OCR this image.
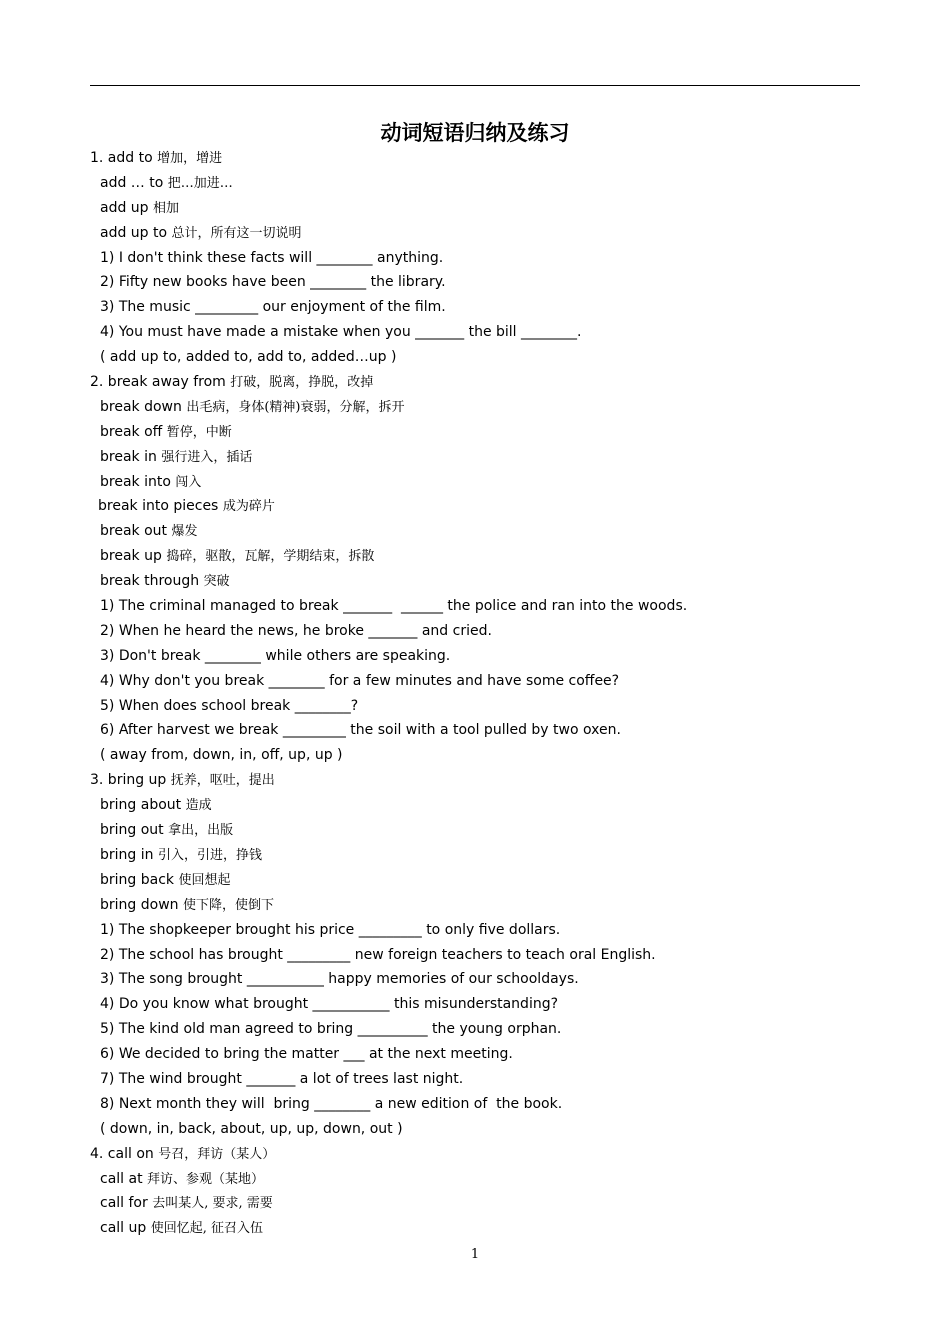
动词短语归纳及练习
1. add to 增加，增进
add … to 把…加进…
add up 相加
add up to 总计，所有这一切说明
1) I don't think these facts will ________ anything.
2) Fifty new books have been ________ the library.
3) The music _________ our enjoyment of the film.
4) You must have made a mistake when you _______ the bill ________.
( add up to, added to, add to, added…up )
2. break away from 打破，脱离，挣脱，改掉
break down 出毛病，身体(精神)衰弱，分解，拆开
break off 暂停，中断
break in 强行进入，插话
break into 闯入
break into pieces 成为碎片
break out 爆发
break up 捣碎，驱散，瓦解，学期结束，拆散
break through 突破
1) The criminal managed to break _______  ______ the police and ran into the woods.
2) When he heard the news, he broke _______ and cried.
3) Don't break ________ while others are speaking.
4) Why don't you break ________ for a few minutes and have some coffee?
5) When does school break ________?
6) After harvest we break _________ the soil with a tool pulled by two oxen.
( away from, down, in, off, up, up )
3. bring up 抚养，呕吐，提出
bring about 造成
bring out 拿出，出版
bring in 引入，引进，挣钱
bring back 使回想起
bring down 使下降，使倒下
1) The shopkeeper brought his price _________ to only five dollars.
2) The school has brought _________ new foreign teachers to teach oral English.
3) The song brought ___________ happy memories of our schooldays.
4) Do you know what brought ___________ this misunderstanding?
5) The kind old man agreed to bring __________ the young orphan.
6) We decided to bring the matter ___ at the next meeting.
7) The wind brought _______ a lot of trees last night.
8) Next month they will  bring ________ a new edition of  the book.
( down, in, back, about, up, up, down, out )
4. call on 号召，拜访（某人）
call at 拜访、参观（某地）
call for 去叫某人, 要求, 需要
call up 使回忆起, 征召入伍
1
